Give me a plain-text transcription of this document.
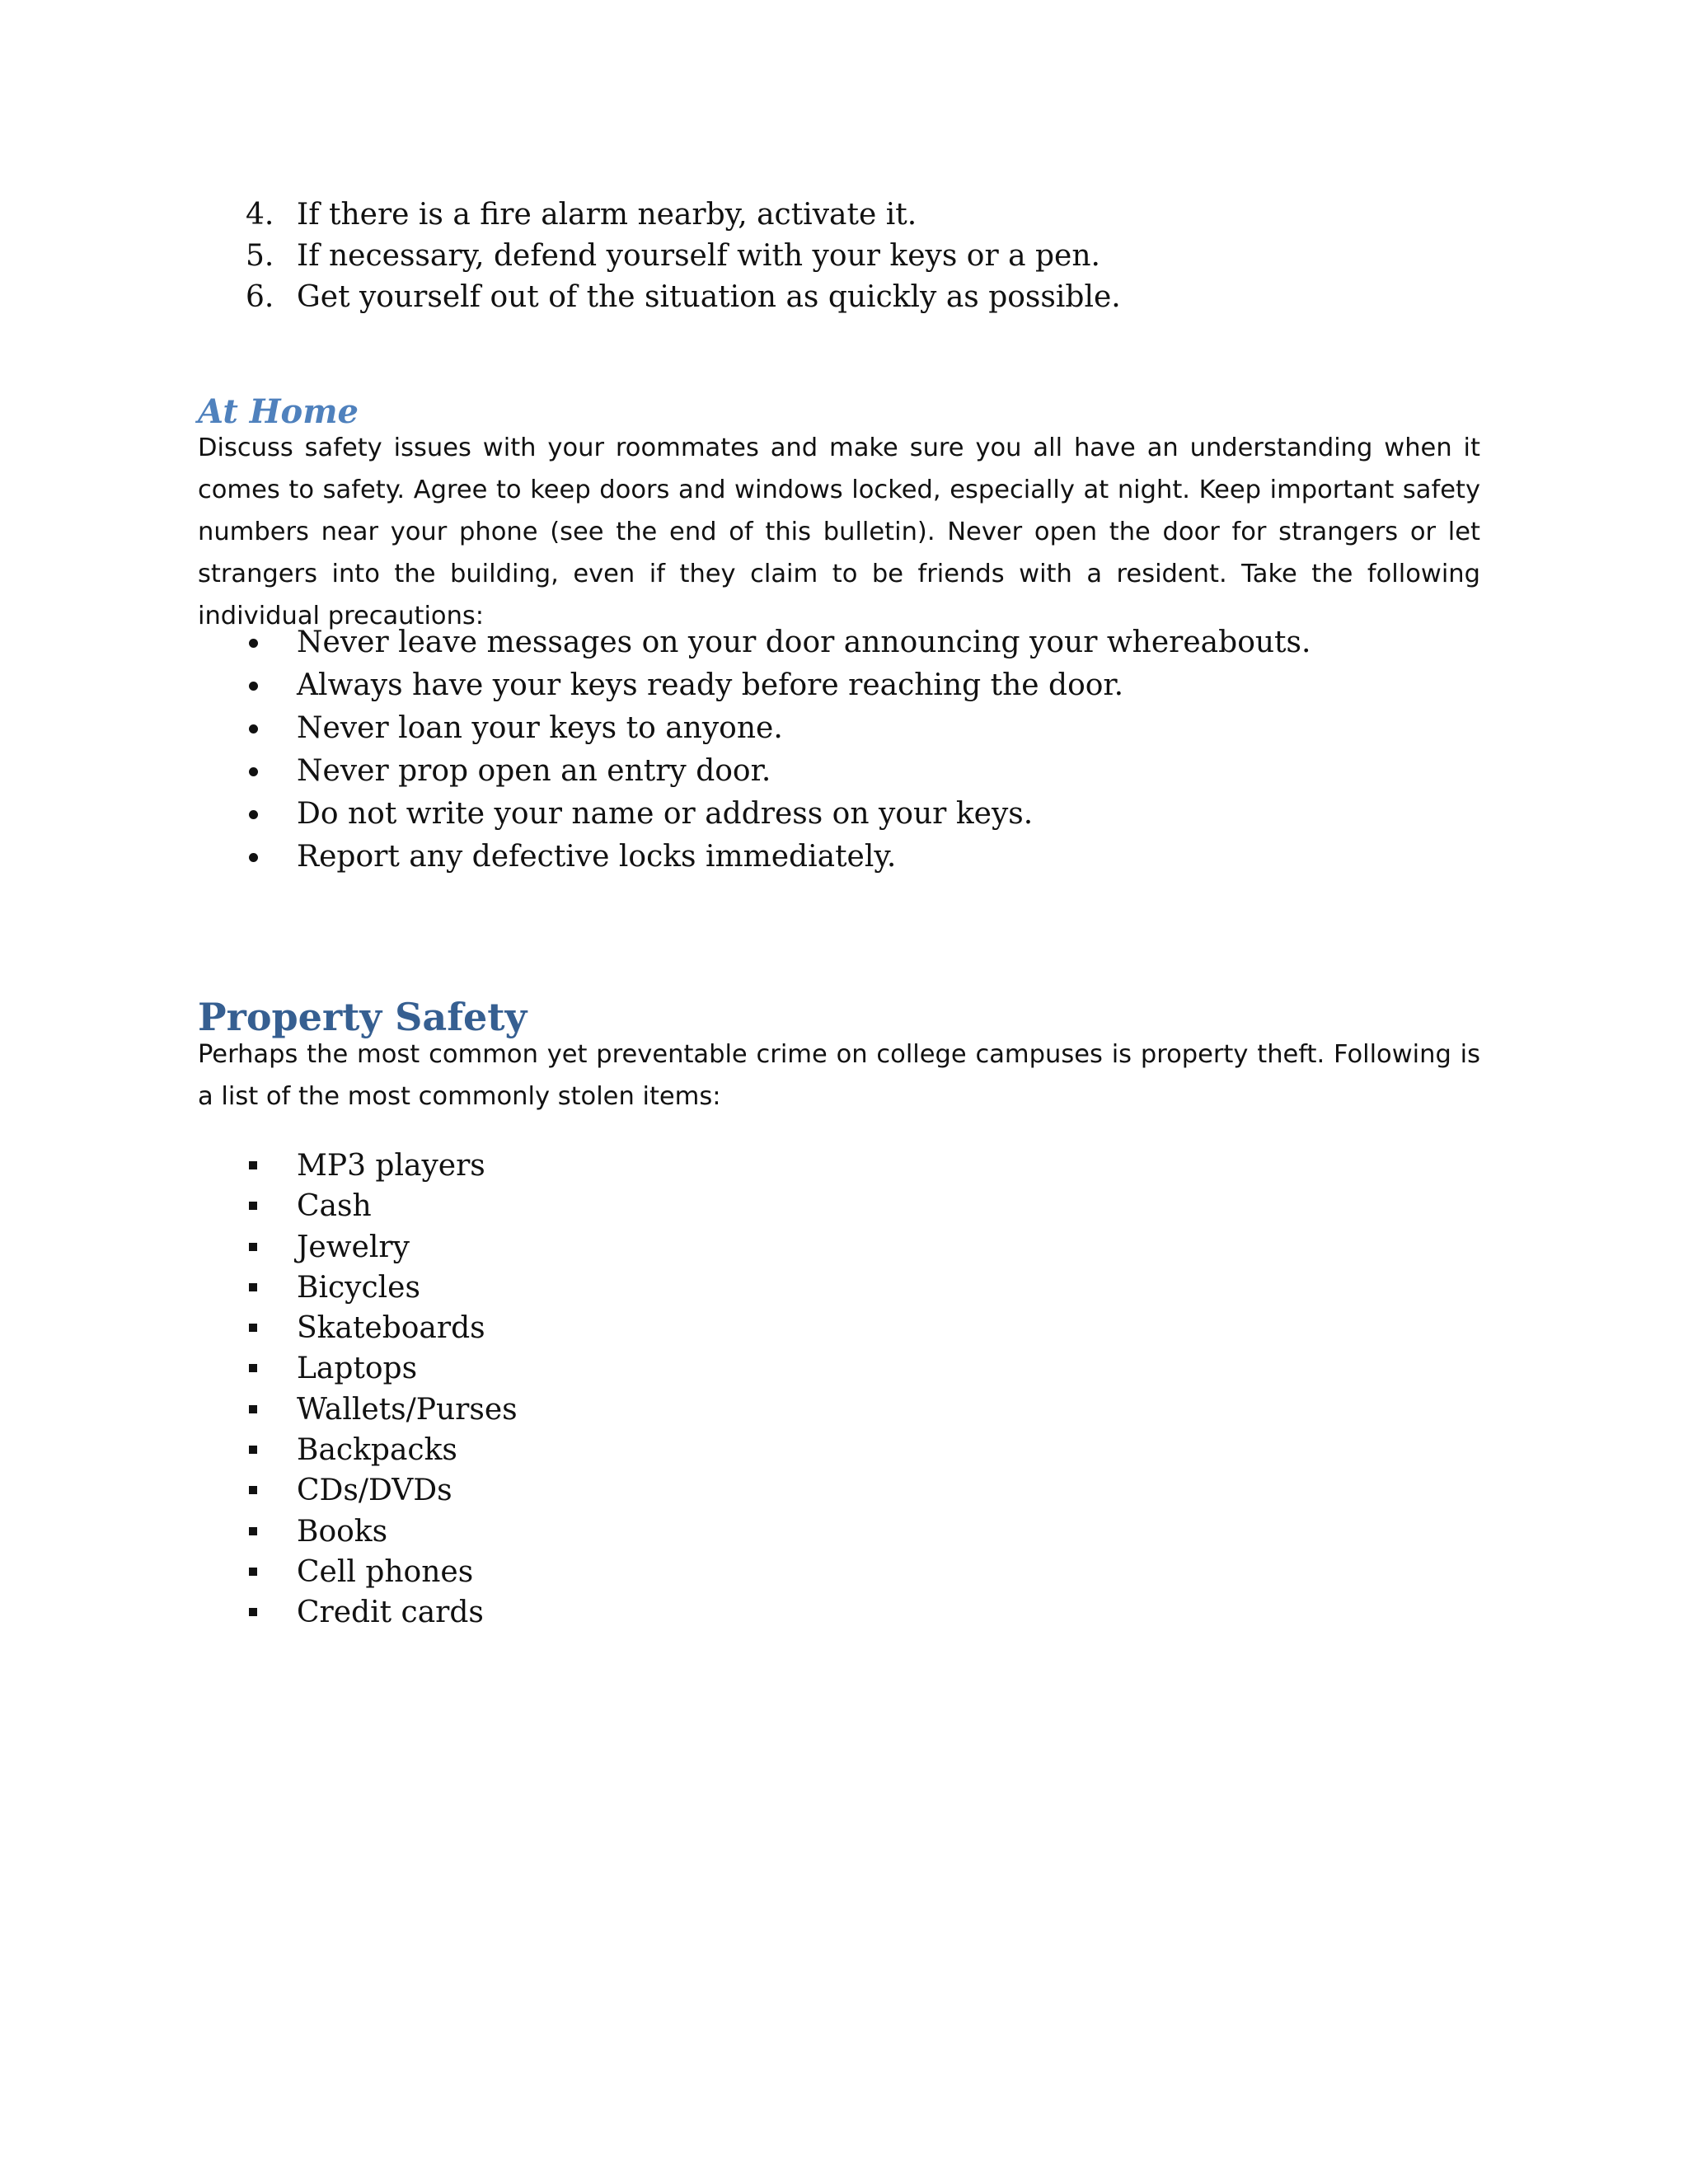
4. If there is a fire alarm nearby, activate it.
5. If necessary, defend yourself with your keys or a pen.
6. Get yourself out of the situation as quickly as possible.
At Home

Discuss safety issues with your roommates and make sure you all have an understanding when it comes to safety. Agree to keep doors and windows locked, especially at night. Keep important safety numbers near your phone (see the end of this bulletin). Never open the door for strangers or let strangers into the building, even if they claim to be friends with a resident. Take the following individual precautions:

Never leave messages on your door announcing your whereabouts.
Always have your keys ready before reaching the door.
Never loan your keys to anyone.
Never prop open an entry door.
Do not write your name or address on your keys.
Report any defective locks immediately.
Property Safety

Perhaps the most common yet preventable crime on college campuses is property theft. Following is a list of the most commonly stolen items:

MP3 players
Cash
Jewelry
Bicycles
Skateboards
Laptops
Wallets/Purses
Backpacks
CDs/DVDs
Books
Cell phones
Credit cards
